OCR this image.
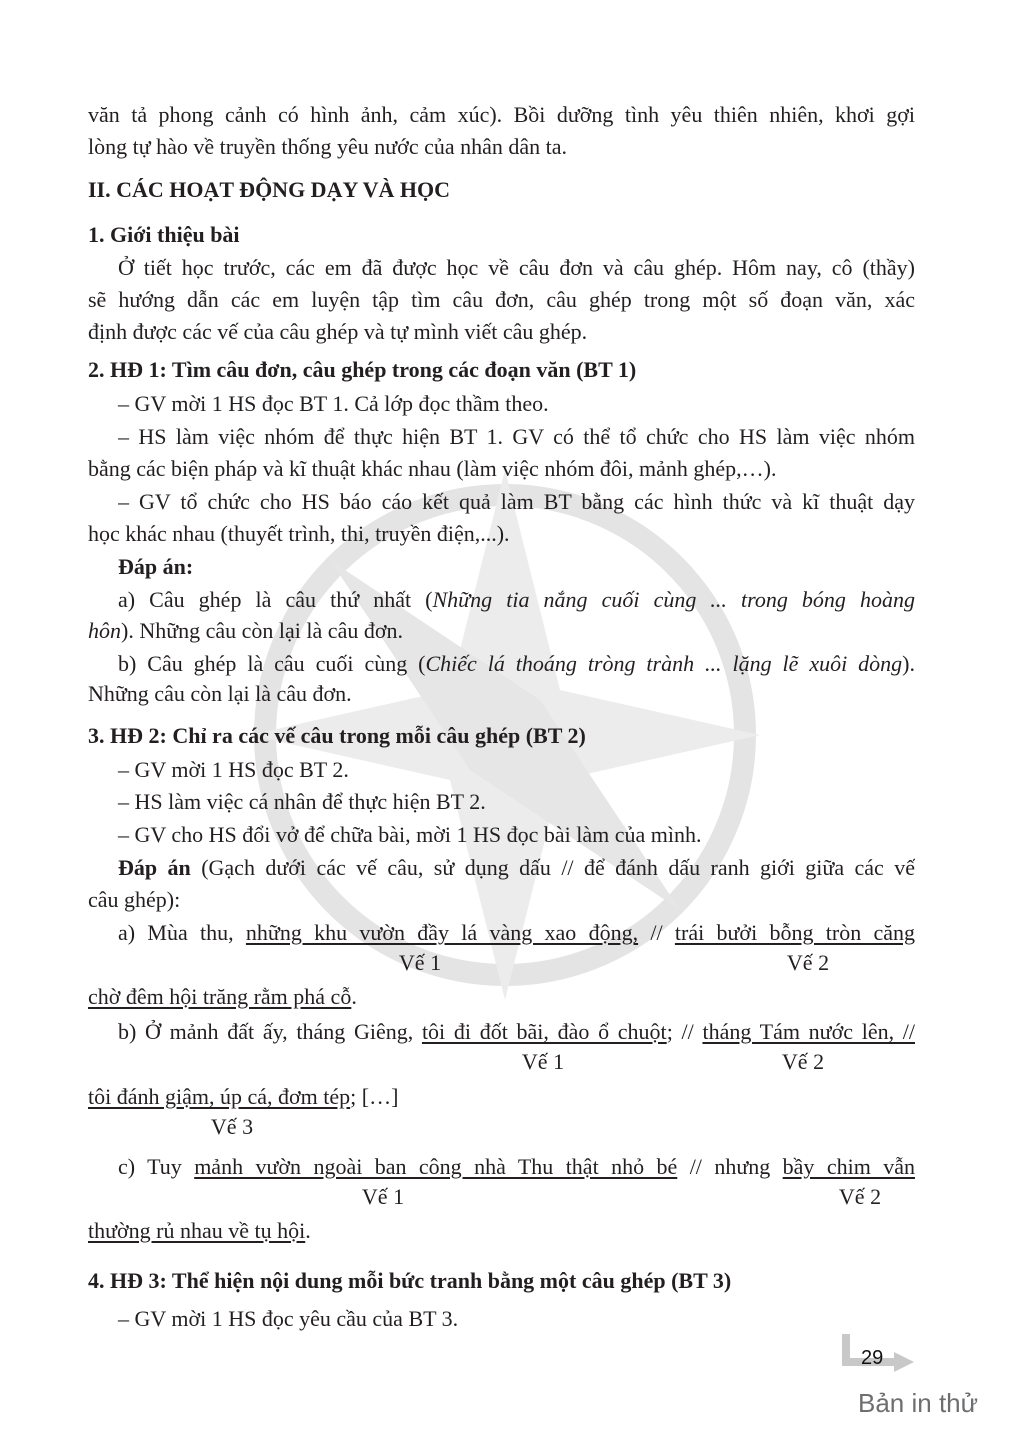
văn tả phong cảnh có hình ảnh, cảm xúc). Bồi dưỡng tình yêu thiên nhiên, khơi gợi
lòng tự hào về truyền thống yêu nước của nhân dân ta.
II. CÁC HOẠT ĐỘNG DẠY VÀ HỌC
1. Giới thiệu bài
Ở tiết học trước, các em đã được học về câu đơn và câu ghép. Hôm nay, cô (thầy)
sẽ hướng dẫn các em luyện tập tìm câu đơn, câu ghép trong một số đoạn văn, xác
định được các vế của câu ghép và tự mình viết câu ghép.
2. HĐ 1: Tìm câu đơn, câu ghép trong các đoạn văn (BT 1)
– GV mời 1 HS đọc BT 1. Cả lớp đọc thầm theo.
– HS làm việc nhóm để thực hiện BT 1. GV có thể tổ chức cho HS làm việc nhóm
bằng các biện pháp và kĩ thuật khác nhau (làm việc nhóm đôi, mảnh ghép,…).
– GV tổ chức cho HS báo cáo kết quả làm BT bằng các hình thức và kĩ thuật dạy
học khác nhau (thuyết trình, thi, truyền điện,...).
Đáp án:
a) Câu ghép là câu thứ nhất (Những tia nắng cuối cùng ... trong bóng hoàng
hôn). Những câu còn lại là câu đơn.
b) Câu ghép là câu cuối cùng (Chiếc lá thoáng tròng trành ... lặng lẽ xuôi dòng).
Những câu còn lại là câu đơn.
3. HĐ 2: Chỉ ra các vế câu trong mỗi câu ghép (BT 2)
– GV mời 1 HS đọc BT 2.
– HS làm việc cá nhân để thực hiện BT 2.
– GV cho HS đổi vở để chữa bài, mời 1 HS đọc bài làm của mình.
Đáp án (Gạch dưới các vế câu, sử dụng dấu // để đánh dấu ranh giới giữa các vế
câu ghép):
a) Mùa thu, những khu vườn đầy lá vàng xao động, // trái bưởi bỗng tròn căng
chờ đêm hội trăng rằm phá cỗ.
b) Ở mảnh đất ấy, tháng Giêng, tôi đi đốt bãi, đào ổ chuột; // tháng Tám nước lên, //
tôi đánh giậm, úp cá, đơm tép; […]
c) Tuy mảnh vườn ngoài ban công nhà Thu thật nhỏ bé // nhưng bầy chim vẫn
thường rủ nhau về tụ hội.
4. HĐ 3: Thể hiện nội dung mỗi bức tranh bằng một câu ghép (BT 3)
– GV mời 1 HS đọc yêu cầu của BT 3.
Vế 1	Vế 2
Vế 1	Vế 2
Vế 3
Vế 1	Vế 2
29
Bản in thử
